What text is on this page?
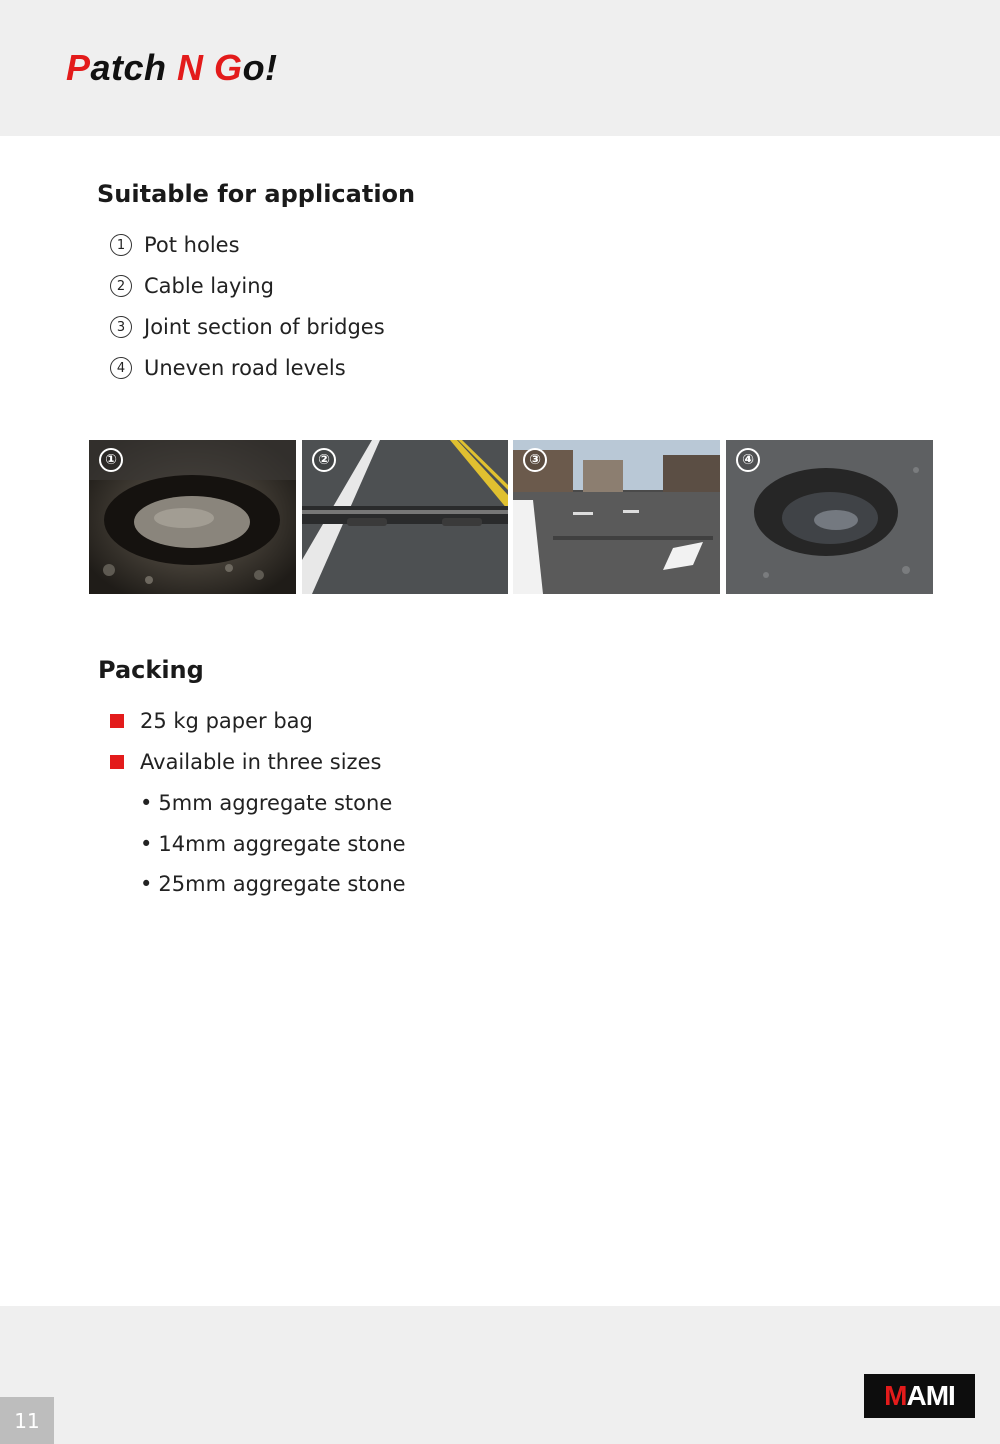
Patch N Go!
Suitable for application
1 Pot holes
2 Cable laying
3 Joint section of bridges
4 Uneven road levels
①	②	③	④
Packing
25 kg paper bag
Available in three sizes
• 5mm aggregate stone
• 14mm aggregate stone
• 25mm aggregate stone
11
M AMI
